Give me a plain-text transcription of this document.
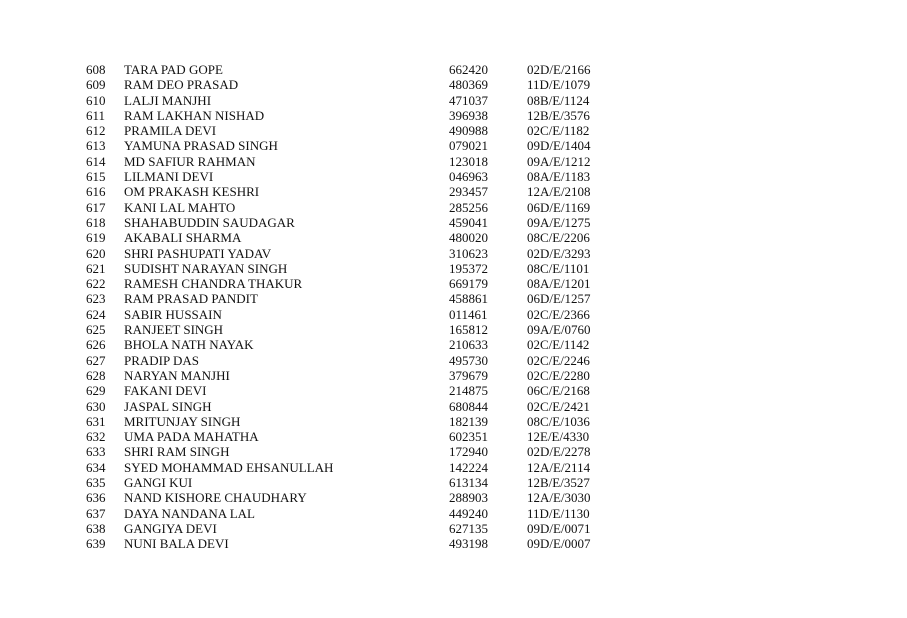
608 TARA PAD GOPE	662420	02D/E/2166
609 RAM DEO PRASAD	480369	11D/E/1079
610 LALJI MANJHI	471037	08B/E/1124
611 RAM LAKHAN NISHAD	396938	12B/E/3576
612 PRAMILA DEVI	490988	02C/E/1182
613 YAMUNA PRASAD SINGH	079021	09D/E/1404
614 MD SAFIUR RAHMAN	123018	09A/E/1212
615 LILMANI DEVI	046963	08A/E/1183
616 OM PRAKASH KESHRI	293457	12A/E/2108
617 KANI LAL MAHTO	285256	06D/E/1169
618 SHAHABUDDIN SAUDAGAR	459041	09A/E/1275
619 AKABALI SHARMA	480020	08C/E/2206
620 SHRI PASHUPATI YADAV	310623	02D/E/3293
621 SUDISHT NARAYAN SINGH	195372	08C/E/1101
622 RAMESH CHANDRA THAKUR	669179	08A/E/1201
623 RAM PRASAD PANDIT	458861	06D/E/1257
624 SABIR HUSSAIN	011461	02C/E/2366
625 RANJEET SINGH	165812	09A/E/0760
626 BHOLA NATH NAYAK	210633	02C/E/1142
627 PRADIP DAS	495730	02C/E/2246
628 NARYAN MANJHI	379679	02C/E/2280
629 FAKANI DEVI	214875	06C/E/2168
630 JASPAL SINGH	680844	02C/E/2421
631 MRITUNJAY SINGH	182139	08C/E/1036
632 UMA PADA MAHATHA	602351	12E/E/4330
633 SHRI RAM SINGH	172940	02D/E/2278
634 SYED MOHAMMAD EHSANULLAH	142224	12A/E/2114
635 GANGI KUI	613134	12B/E/3527
636 NAND KISHORE CHAUDHARY	288903	12A/E/3030
637 DAYA NANDANA LAL	449240	11D/E/1130
638 GANGIYA DEVI	627135	09D/E/0071
639 NUNI BALA DEVI	493198	09D/E/0007
